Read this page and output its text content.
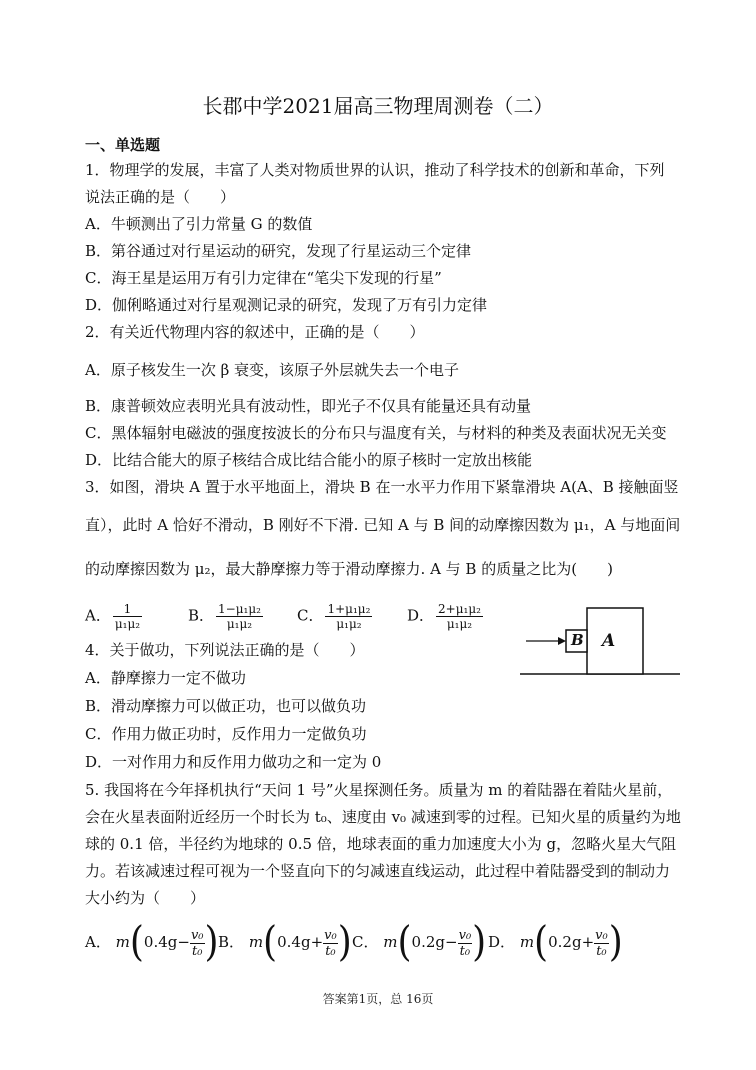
长郡中学2021届高三物理周测卷（二）
一、单选题
1．物理学的发展，丰富了人类对物质世界的认识，推动了科学技术的创新和革命，下列
说法正确的是（　　）
A．牛顿测出了引力常量 G 的数值
B．第谷通过对行星运动的研究，发现了行星运动三个定律
C．海王星是运用万有引力定律在“笔尖下发现的行星”
D．伽俐略通过对行星观测记录的研究，发现了万有引力定律
2．有关近代物理内容的叙述中，正确的是（　　）
A．原子核发生一次 β 衰变，该原子外层就失去一个电子
B．康普顿效应表明光具有波动性，即光子不仅具有能量还具有动量
C．黑体辐射电磁波的强度按波长的分布只与温度有关，与材料的种类及表面状况无关变
D．比结合能大的原子核结合成比结合能小的原子核时一定放出核能
3．如图，滑块 A 置于水平地面上，滑块 B 在一水平力作用下紧靠滑块 A(A、B 接触面竖
直），此时 A 恰好不滑动，B 刚好不下滑. 已知 A 与 B 间的动摩擦因数为 μ₁，A 与地面间
的动摩擦因数为 μ₂，最大静摩擦力等于滑动摩擦力. A 与 B 的质量之比为(　　)
A． $\frac{1}{\text{μ₁μ₂}}$	B． $\frac{\text{1−μ₁μ₂}}{\text{μ₁μ₂}}$ C． $\frac{\text{1+μ₁μ₂}}{\text{μ₁μ₂}}$ D． $\frac{\text{2+μ₁μ₂}}{\text{μ₁μ₂}}$
A
B
4．关于做功，下列说法正确的是（　　）
A．静摩擦力一定不做功
B．滑动摩擦力可以做正功，也可以做负功
C．作用力做正功时，反作用力一定做负功
D．一对作用力和反作用力做功之和一定为 0
5. 我国将在今年择机执行“天问 1 号”火星探测任务。质量为 m 的着陆器在着陆火星前，
会在火星表面附近经历一个时长为 t₀、速度由 v₀ 减速到零的过程。已知火星的质量约为地
球的 0.1 倍，半径约为地球的 0.5 倍，地球表面的重力加速度大小为 g，忽略火星大气阻
力。若该减速过程可视为一个竖直向下的匀减速直线运动，此过程中着陆器受到的制动力
大小约为（　　）
A． $m(0.4g- \frac{\text{v₀}}{\text{t₀}}$ ) B． $m(0.4g+ \frac{\text{v₀}}{\text{t₀}}$ ) C． $m(0.2g- \frac{\text{v₀}}{\text{t₀}}$ ) D． $m(0.2g+ \frac{\text{v₀}}{\text{t₀}}$ )
答案第1页，总 16页
